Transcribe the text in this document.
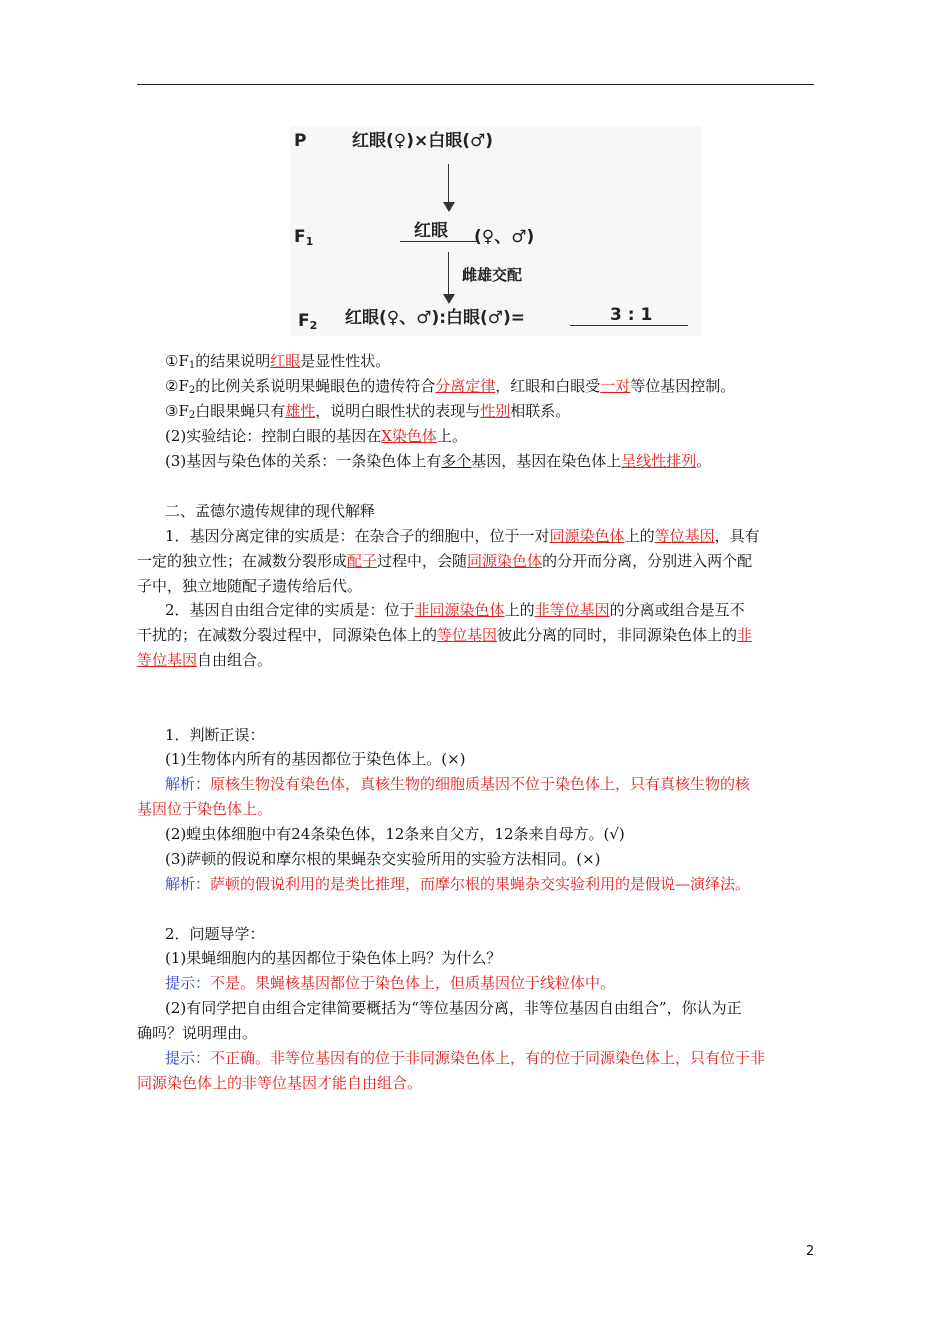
P	红眼(♀)×白眼(♂)
F1
红眼 (♀、♂)
雌雄交配
F2 红眼(♀、♂):白眼(♂)=	3 : 1
$①F_1$的结果说明红眼是显性性状。
$②F_2$的比例关系说明果蝇眼色的遗传符合分离定律，红眼和白眼受一对等位基因控制。
$③F_2$白眼果蝇只有雄性，说明白眼性状的表现与性别相联系。
(2)实验结论：控制白眼的基因在X染色体上。
(3)基因与染色体的关系：一条染色体上有多个基因，基因在染色体上呈线性排列。
二、孟德尔遗传规律的现代解释
1．基因分离定律的实质是：在杂合子的细胞中，位于一对同源染色体上的等位基因，具有
一定的独立性；在减数分裂形成配子过程中，会随同源染色体的分开而分离，分别进入两个配
子中，独立地随配子遗传给后代。
2．基因自由组合定律的实质是：位于非同源染色体上的非等位基因的分离或组合是互不
干扰的；在减数分裂过程中，同源染色体上的等位基因彼此分离的同时，非同源染色体上的非
等位基因自由组合。
1．判断正误：
(1)生物体内所有的基因都位于染色体上。(×)
解析：原核生物没有染色体，真核生物的细胞质基因不位于染色体上，只有真核生物的核
基因位于染色体上。
(2)蝗虫体细胞中有24条染色体，12条来自父方，12条来自母方。(√)
(3)萨顿的假说和摩尔根的果蝇杂交实验所用的实验方法相同。(×)
解析：萨顿的假说利用的是类比推理，而摩尔根的果蝇杂交实验利用的是假说—演绎法。
2．问题导学：
(1)果蝇细胞内的基因都位于染色体上吗？为什么？
提示：不是。果蝇核基因都位于染色体上，但质基因位于线粒体中。
(2)有同学把自由组合定律简要概括为“等位基因分离，非等位基因自由组合”，你认为正
确吗？说明理由。
提示：不正确。非等位基因有的位于非同源染色体上，有的位于同源染色体上，只有位于非
同源染色体上的非等位基因才能自由组合。
2
